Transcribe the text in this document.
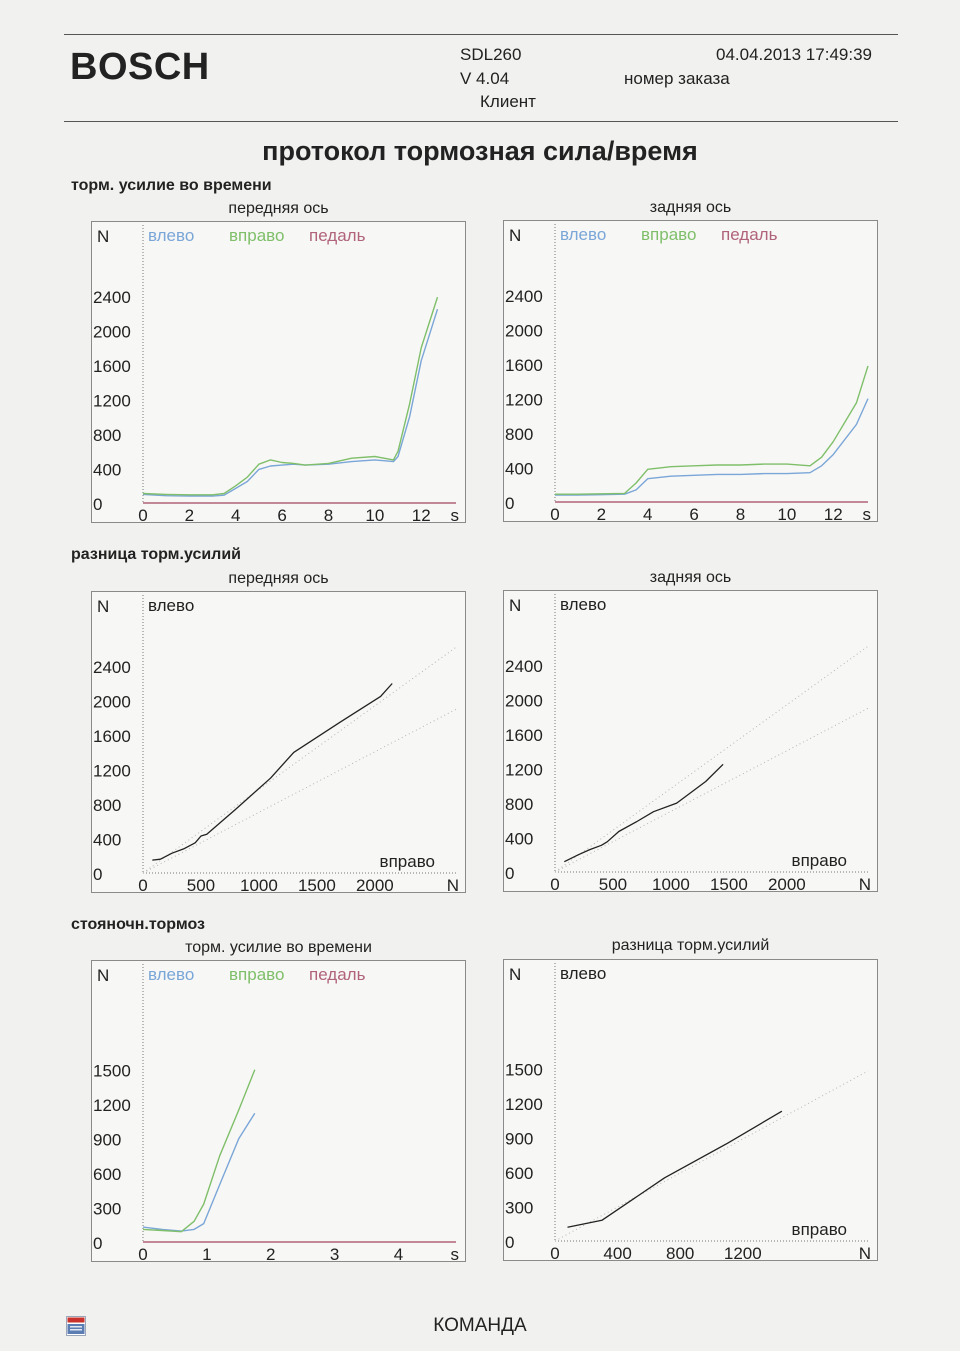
BOSCH	SDL260
V 4.04
Клиент
04.04.2013 17:49:39
номер заказа
протокол тормозная сила/время
торм. усилие во времени
разница торм.усилий
стояночн.тормоз
передняя ось	задняя ось
передняя ось	задняя ось
торм. усилие во времени	разница торм.усилий
N
0
400
800
1200
1600
2000
2400
0 2 4 6 8 10 12 s
влево вправо педаль	N
0
400
800
1200
1600
2000
2400
0 2 4 6 8 10 12 s
влево вправо педаль
N
0
400
800
1200
1600
2000
2400
0 500 1000 1500 2000	N
влево
вправо
N
0
400
800
1200
1600
2000
2400
0 500 1000 1500 2000	N
влево
вправо
N
0
300
600
900
1200
1500
0	1	2	3	4	s
влево вправо педаль	N
0
300
600
900
1200
1500
0	400 800 1200	N
влево
вправо
КОМАНДА
